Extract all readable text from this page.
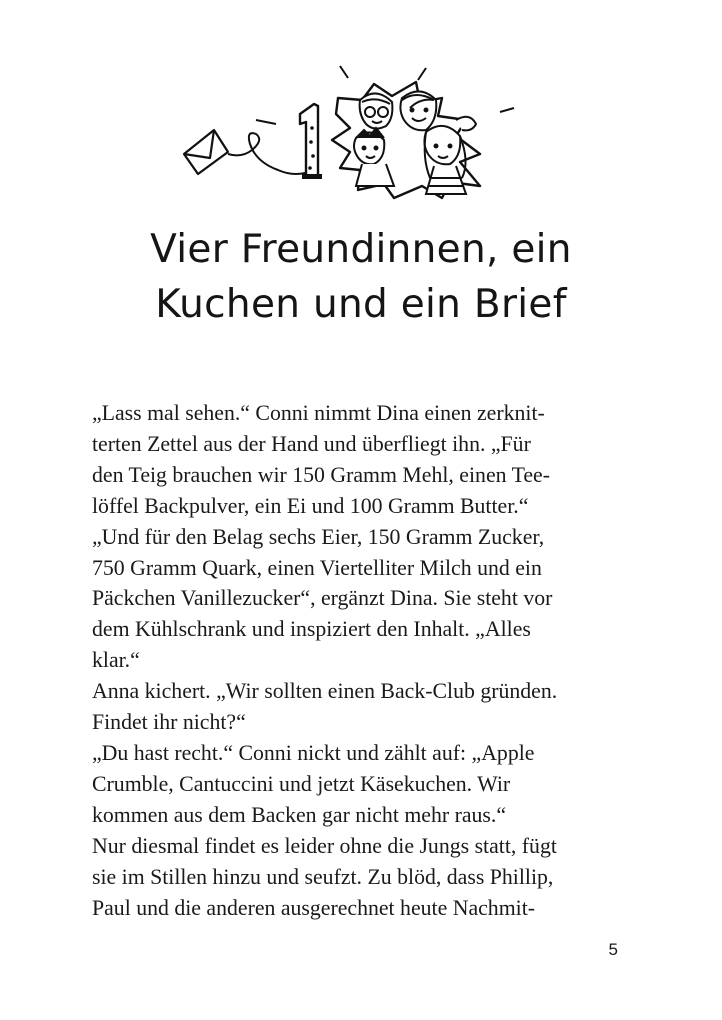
Vier Freundinnen, ein
Kuchen und ein Brief
„Lass mal sehen.“ Conni nimmt Dina einen zerknit-
terten Zettel aus der Hand und überfliegt ihn. „Für
den Teig brauchen wir 150 Gramm Mehl, einen Tee-
löffel Backpulver, ein Ei und 100 Gramm Butter.“
„Und für den Belag sechs Eier, 150 Gramm Zucker,
750 Gramm Quark, einen Viertelliter Milch und ein
Päckchen Vanillezucker“, ergänzt Dina. Sie steht vor
dem Kühlschrank und inspiziert den Inhalt. „Alles
klar.“
Anna kichert. „Wir sollten einen Back-Club gründen.
Findet ihr nicht?“
„Du hast recht.“ Conni nickt und zählt auf: „Apple
Crumble, Cantuccini und jetzt Käsekuchen. Wir
kommen aus dem Backen gar nicht mehr raus.“
Nur diesmal findet es leider ohne die Jungs statt, fügt
sie im Stillen hinzu und seufzt. Zu blöd, dass Phillip,
Paul und die anderen ausgerechnet heute Nachmit-
5
